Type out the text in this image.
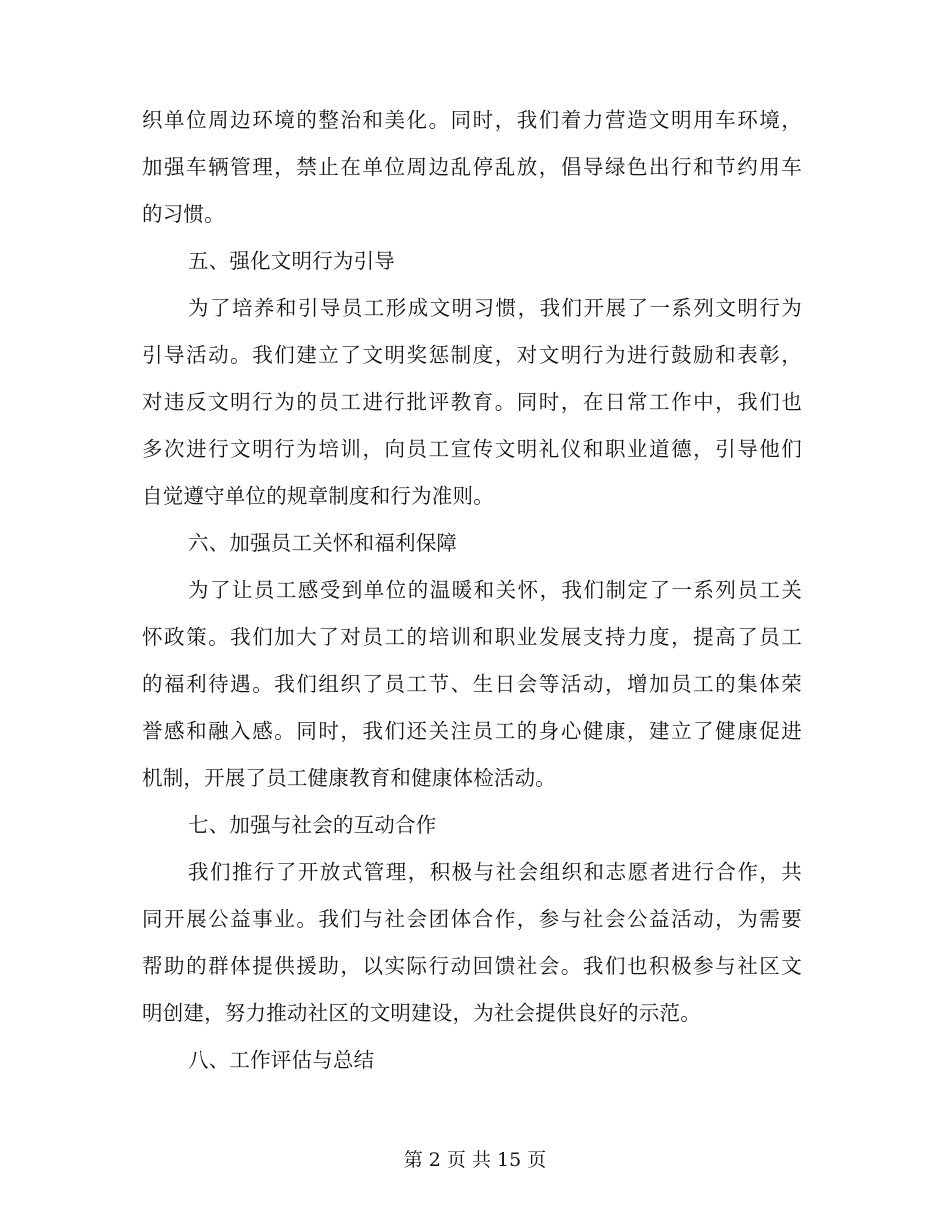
织单位周边环境的整治和美化。同时，我们着力营造文明用车环境，
加强车辆管理，禁止在单位周边乱停乱放，倡导绿色出行和节约用车
的习惯。
五、强化文明行为引导
为了培养和引导员工形成文明习惯，我们开展了一系列文明行为
引导活动。我们建立了文明奖惩制度，对文明行为进行鼓励和表彰，
对违反文明行为的员工进行批评教育。同时，在日常工作中，我们也
多次进行文明行为培训，向员工宣传文明礼仪和职业道德，引导他们
自觉遵守单位的规章制度和行为准则。
六、加强员工关怀和福利保障
为了让员工感受到单位的温暖和关怀，我们制定了一系列员工关
怀政策。我们加大了对员工的培训和职业发展支持力度，提高了员工
的福利待遇。我们组织了员工节、生日会等活动，增加员工的集体荣
誉感和融入感。同时，我们还关注员工的身心健康，建立了健康促进
机制，开展了员工健康教育和健康体检活动。
七、加强与社会的互动合作
我们推行了开放式管理，积极与社会组织和志愿者进行合作，共
同开展公益事业。我们与社会团体合作，参与社会公益活动，为需要
帮助的群体提供援助，以实际行动回馈社会。我们也积极参与社区文
明创建，努力推动社区的文明建设，为社会提供良好的示范。
八、工作评估与总结
第 2 页 共 15 页
